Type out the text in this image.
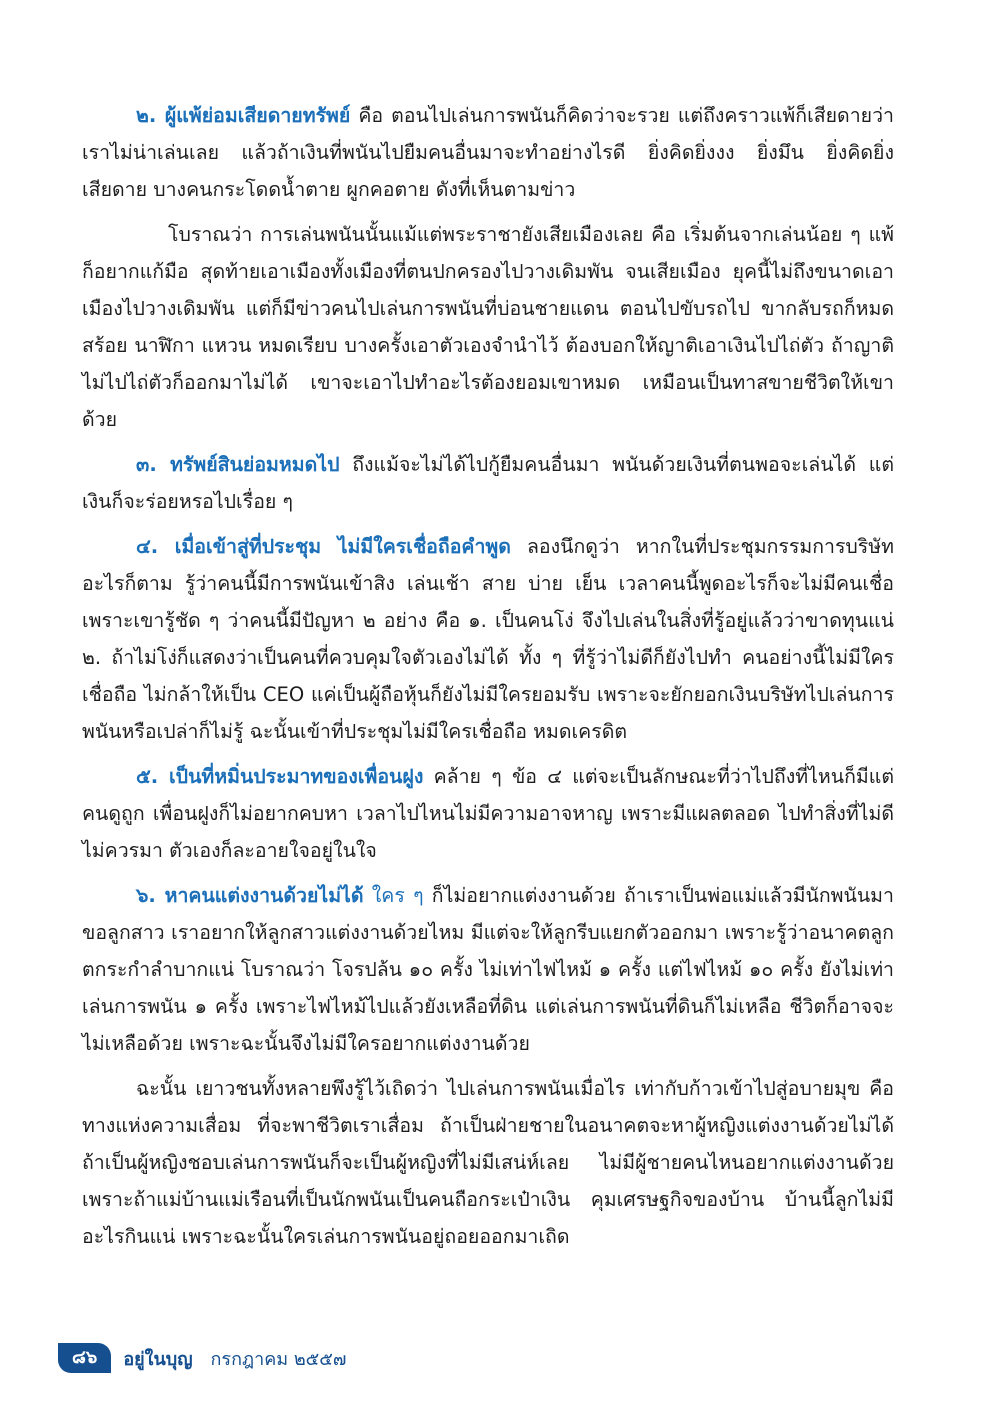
๒. ผู้แพ้ย่อมเสียดายทรัพย์ คือ ตอนไปเล่นการพนันก็คิดว่าจะรวย แต่ถึงคราวแพ้ก็เสียดายว่า เราไม่น่าเล่นเลย แล้วถ้าเงินที่พนันไปยืมคนอื่นมาจะทำอย่างไรดี ยิ่งคิดยิ่งงง ยิ่งมึน ยิ่งคิดยิ่งเสียดาย บางคนกระโดดน้ำตาย ผูกคอตาย ดังที่เห็นตามข่าว

โบราณว่า การเล่นพนันนั้นแม้แต่พระราชายังเสียเมืองเลย คือ เริ่มต้นจากเล่นน้อย ๆ แพ้ก็อยากแก้มือ สุดท้ายเอาเมืองทั้งเมืองที่ตนปกครองไปวางเดิมพัน จนเสียเมือง ยุคนี้ไม่ถึงขนาดเอาเมืองไปวางเดิมพัน แต่ก็มีข่าวคนไปเล่นการพนันที่บ่อนชายแดน ตอนไปขับรถไป ขากลับรถก็หมด สร้อย นาฬิกา แหวน หมดเรียบ บางครั้งเอาตัวเองจำนำไว้ ต้องบอกให้ญาติเอาเงินไปไถ่ตัว ถ้าญาติไม่ไปไถ่ตัวก็ออกมาไม่ได้ เขาจะเอาไปทำอะไรต้องยอมเขาหมด เหมือนเป็นทาสขายชีวิตให้เขาด้วย

๓. ทรัพย์สินย่อมหมดไป ถึงแม้จะไม่ได้ไปกู้ยืมคนอื่นมา พนันด้วยเงินที่ตนพอจะเล่นได้ แต่เงินก็จะร่อยหรอไปเรื่อย ๆ

๔. เมื่อเข้าสู่ที่ประชุม ไม่มีใครเชื่อถือคำพูด ลองนึกดูว่า หากในที่ประชุมกรรมการบริษัทอะไรก็ตาม รู้ว่าคนนี้มีการพนันเข้าสิง เล่นเช้า สาย บ่าย เย็น เวลาคนนี้พูดอะไรก็จะไม่มีคนเชื่อ เพราะเขารู้ชัด ๆ ว่าคนนี้มีปัญหา ๒ อย่าง คือ ๑. เป็นคนโง่ จึงไปเล่นในสิ่งที่รู้อยู่แล้วว่าขาดทุนแน่ ๒. ถ้าไม่โง่ก็แสดงว่าเป็นคนที่ควบคุมใจตัวเองไม่ได้ ทั้ง ๆ ที่รู้ว่าไม่ดีก็ยังไปทำ คนอย่างนี้ไม่มีใครเชื่อถือ ไม่กล้าให้เป็น CEO แค่เป็นผู้ถือหุ้นก็ยังไม่มีใครยอมรับ เพราะจะยักยอกเงินบริษัทไปเล่นการพนันหรือเปล่าก็ไม่รู้ ฉะนั้นเข้าที่ประชุมไม่มีใครเชื่อถือ หมดเครดิต

๕. เป็นที่หมิ่นประมาทของเพื่อนฝูง คล้าย ๆ ข้อ ๔ แต่จะเป็นลักษณะที่ว่าไปถึงที่ไหนก็มีแต่คนดูถูก เพื่อนฝูงก็ไม่อยากคบหา เวลาไปไหนไม่มีความอาจหาญ เพราะมีแผลตลอด ไปทำสิ่งที่ไม่ดีไม่ควรมา ตัวเองก็ละอายใจอยู่ในใจ

๖. หาคนแต่งงานด้วยไม่ได้ ใคร ๆ ก็ไม่อยากแต่งงานด้วย ถ้าเราเป็นพ่อแม่แล้วมีนักพนันมาขอลูกสาว เราอยากให้ลูกสาวแต่งงานด้วยไหม มีแต่จะให้ลูกรีบแยกตัวออกมา เพราะรู้ว่าอนาคตลูกตกระกำลำบากแน่ โบราณว่า โจรปล้น ๑๐ ครั้ง ไม่เท่าไฟไหม้ ๑ ครั้ง แต่ไฟไหม้ ๑๐ ครั้ง ยังไม่เท่าเล่นการพนัน ๑ ครั้ง เพราะไฟไหม้ไปแล้วยังเหลือที่ดิน แต่เล่นการพนันที่ดินก็ไม่เหลือ ชีวิตก็อาจจะไม่เหลือด้วย เพราะฉะนั้นจึงไม่มีใครอยากแต่งงานด้วย

ฉะนั้น เยาวชนทั้งหลายพึงรู้ไว้เถิดว่า ไปเล่นการพนันเมื่อไร เท่ากับก้าวเข้าไปสู่อบายมุข คือทางแห่งความเสื่อม ที่จะพาชีวิตเราเสื่อม ถ้าเป็นฝ่ายชายในอนาคตจะหาผู้หญิงแต่งงานด้วยไม่ได้ ถ้าเป็นผู้หญิงชอบเล่นการพนันก็จะเป็นผู้หญิงที่ไม่มีเสน่ห์เลย ไม่มีผู้ชายคนไหนอยากแต่งงานด้วย เพราะถ้าแม่บ้านแม่เรือนที่เป็นนักพนันเป็นคนถือกระเป๋าเงิน คุมเศรษฐกิจของบ้าน บ้านนี้ลูกไม่มีอะไรกินแน่ เพราะฉะนั้นใครเล่นการพนันอยู่ถอยออกมาเถิด

๘๖	อยู่ในบุญ กรกฎาคม ๒๕๕๗
